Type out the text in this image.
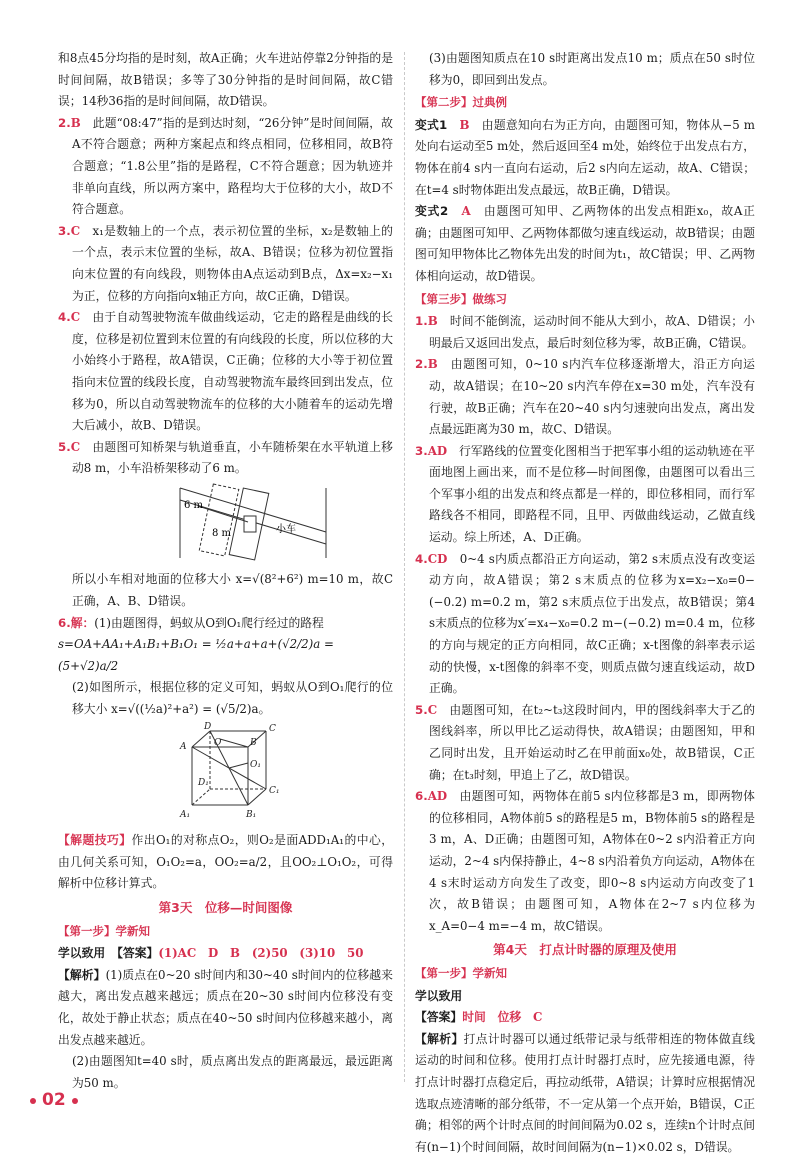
和8点45分均指的是时刻，故A正确；火车进站停靠2分钟指的是时间间隔，故B错误；多等了30分钟指的是时间间隔，故C错误；14秒36指的是时间间隔，故D错误。

2.B　 此题“08:47”指的是到达时刻，“26分钟”是时间间隔，故A不符合题意；两种方案起点和终点相同，位移相同，故B符合题意；“1.8公里”指的是路程，C不符合题意；因为轨迹并非单向直线，所以两方案中，路程均大于位移的大小，故D不符合题意。

3.C　 x₁是数轴上的一个点，表示初位置的坐标，x₂是数轴上的一个点，表示末位置的坐标，故A、B错误；位移为初位置指向末位置的有向线段，则物体由A点运动到B点，Δx=x₂−x₁为正，位移的方向指向x轴正方向，故C正确，D错误。

4.C　 由于自动驾驶物流车做曲线运动，它走的路程是曲线的长度，位移是初位置到末位置的有向线段的长度，所以位移的大小始终小于路程，故A错误，C正确；位移的大小等于初位置指向末位置的线段长度，自动驾驶物流车最终回到出发点，位移为0，所以自动驾驶物流车的位移的大小随着车的运动先增大后减小，故B、D错误。

5.C　 由题图可知桥架与轨道垂直，小车随桥架在水平轨道上移动8 m，小车沿桥架移动了6 m。

6 m
8 m	小车

所以小车相对地面的位移大小 x=√(8²+6²) m=10 m，故C正确，A、B、D错误。

6.解：(1)由题图得，蚂蚁从O到O₁爬行经过的路程

s=OA+AA₁+A₁B₁+B₁O₁ = ½a+a+a+(√2/2)a =

(5+√2)a/2

(2)如图所示，根据位移的定义可知，蚂蚁从O到O₁爬行的位移大小 x=√((½a)²+a²) = (√5/2)a。

D	C
A	O	B
O₁
D₁
C₁
A₁	B₁

【解题技巧】作出O₁的对称点O₂，则O₂是面ADD₁A₁的中心，由几何关系可知，O₁O₂=a，OO₂=a/2，且OO₂⊥O₁O₂，可得解析中位移计算式。

第3天　位移—时间图像
【第一步】学新知

学以致用　 【答案】(1)AC　D　B　(2)50　(3)10　50

【解析】(1)质点在0~20 s时间内和30~40 s时间内的位移越来越大，离出发点越来越远；质点在20~30 s时间内位移没有变化，故处于静止状态；质点在40~50 s时间内位移越来越小，离出发点越来越近。

(2)由题图知t=40 s时，质点离出发点的距离最远，最远距离为50 m。

(3)由题图知质点在10 s时距离出发点10 m；质点在50 s时位移为0，即回到出发点。

【第二步】过典例

变式1　 B　 由题意知向右为正方向，由题图可知，物体从−5 m处向右运动至5 m处，然后返回至4 m处，始终位于出发点右方，物体在前4 s内一直向右运动，后2 s内向左运动，故A、C错误；在t=4 s时物体距出发点最远，故B正确，D错误。

变式2　 A　 由题图可知甲、乙两物体的出发点相距x₀，故A正确；由题图可知甲、乙两物体都做匀速直线运动，故B错误；由题图可知甲物体比乙物体先出发的时间为t₁，故C错误；甲、乙两物体相向运动，故D错误。

【第三步】做练习

1.B　 时间不能倒流，运动时间不能从大到小，故A、D错误；小明最后又返回出发点，最后时刻位移为零，故B正确，C错误。

2.B　 由题图可知，0~10 s内汽车位移逐渐增大，沿正方向运动，故A错误；在10~20 s内汽车停在x=30 m处，汽车没有行驶，故B正确；汽车在20~40 s内匀速驶向出发点，离出发点最远距离为30 m，故C、D错误。

3.AD　 行军路线的位置变化图相当于把军事小组的运动轨迹在平面地图上画出来，而不是位移—时间图像，由题图可以看出三个军事小组的出发点和终点都是一样的，即位移相同，而行军路线各不相同，即路程不同，且甲、丙做曲线运动，乙做直线运动。综上所述，A、D正确。

4.CD　 0~4 s内质点都沿正方向运动，第2 s末质点没有改变运动方向，故A错误；第2 s末质点的位移为x=x₂−x₀=0−(−0.2) m=0.2 m，第2 s末质点位于出发点，故B错误；第4 s末质点的位移为x′=x₄−x₀=0.2 m−(−0.2) m=0.4 m，位移的方向与规定的正方向相同，故C正确；x-t图像的斜率表示运动的快慢，x-t图像的斜率不变，则质点做匀速直线运动，故D正确。

5.C　 由题图可知，在t₂~t₃这段时间内，甲的图线斜率大于乙的图线斜率，所以甲比乙运动得快，故A错误；由题图知，甲和乙同时出发，且开始运动时乙在甲前面x₀处，故B错误，C正确；在t₃时刻，甲追上了乙，故D错误。

6.AD　 由题图可知，两物体在前5 s内位移都是3 m，即两物体的位移相同，A物体前5 s的路程是5 m，B物体前5 s的路程是3 m，A、D正确；由题图可知，A物体在0~2 s内沿着正方向运动，2~4 s内保持静止，4~8 s内沿着负方向运动，A物体在4 s末时运动方向发生了改变，即0~8 s内运动方向改变了1次，故B错误；由题图可知，A物体在2~7 s内位移为x_A=0−4 m=−4 m，故C错误。

第4天　打点计时器的原理及使用
【第一步】学新知

学以致用

【答案】时间　位移　C

【解析】打点计时器可以通过纸带记录与纸带相连的物体做直线运动的时间和位移。使用打点计时器打点时，应先接通电源，待打点计时器打点稳定后，再拉动纸带，A错误；计算时应根据情况选取点迹清晰的部分纸带，不一定从第一个点开始，B错误，C正确；相邻的两个计时点间的时间间隔为0.02 s，连续n个计时点间有(n−1)个时间间隔，故时间间隔为(n−1)×0.02 s，D错误。

02
